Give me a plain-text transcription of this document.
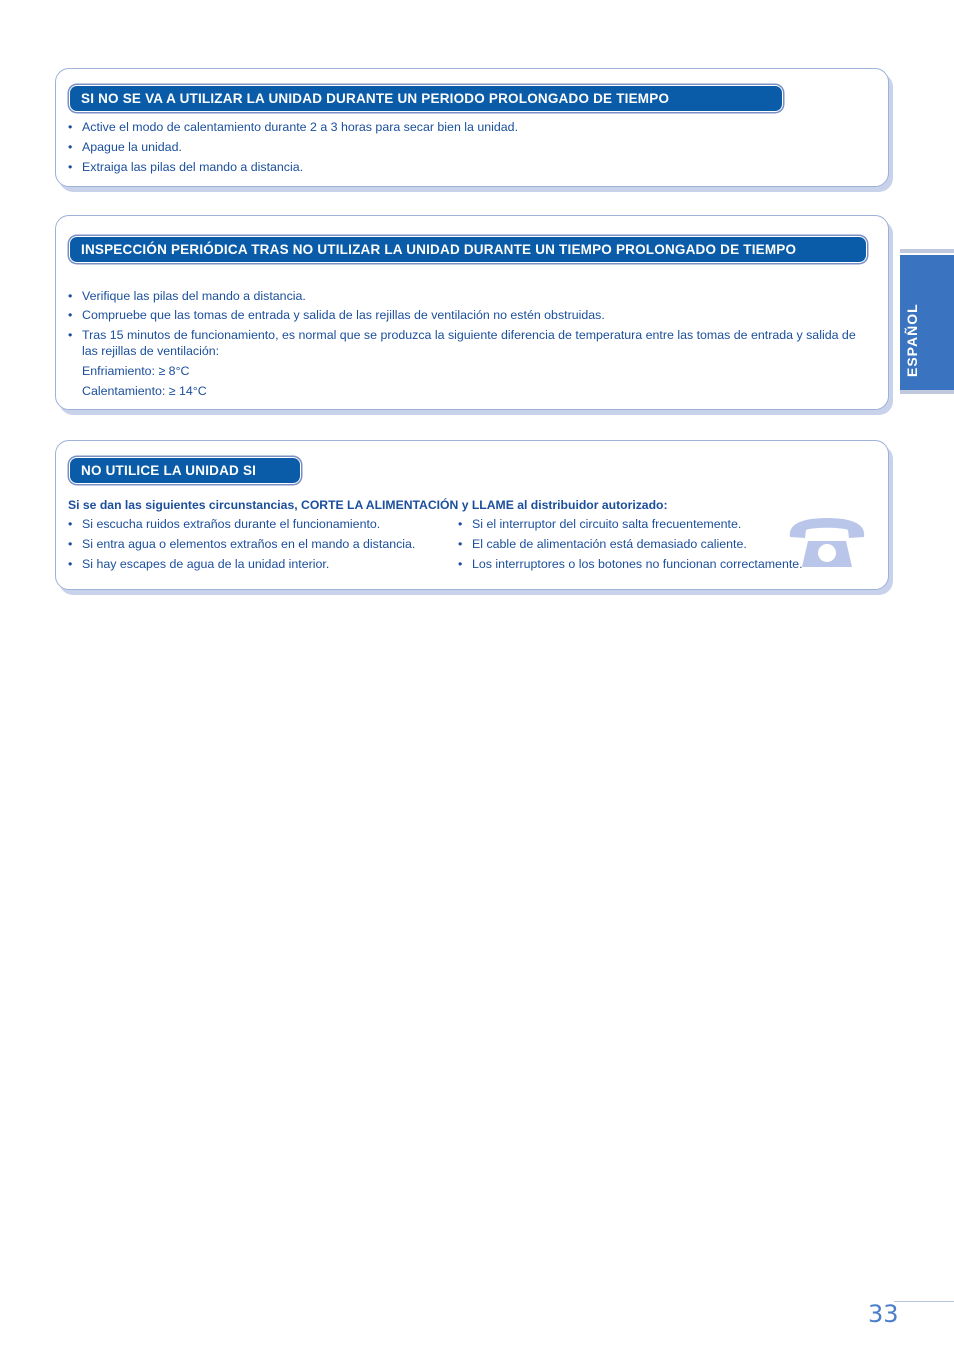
SI NO SE VA A UTILIZAR LA UNIDAD DURANTE UN PERIODO PROLONGADO DE TIEMPO
• Active el modo de calentamiento durante 2 a 3 horas para secar bien la unidad.
• Apague la unidad.
• Extraiga las pilas del mando a distancia.
INSPECCIÓN PERIÓDICA TRAS NO UTILIZAR LA UNIDAD DURANTE UN TIEMPO PROLONGADO DE TIEMPO
• Verifique las pilas del mando a distancia.
• Compruebe que las tomas de entrada y salida de las rejillas de ventilación no estén obstruidas.
• Tras 15 minutos de funcionamiento, es normal que se produzca la siguiente diferencia de temperatura entre las tomas de entrada y salida de las rejillas de ventilación:
Enfriamiento: ≥ 8°C
Calentamiento: ≥ 14°C
NO UTILICE LA UNIDAD SI
Si se dan las siguientes circunstancias, CORTE LA ALIMENTACIÓN y LLAME al distribuidor autorizado:
• Si escucha ruidos extraños durante el funcionamiento.
• Si entra agua o elementos extraños en el mando a distancia.
• Si hay escapes de agua de la unidad interior.
• Si el interruptor del circuito salta frecuentemente.
• El cable de alimentación está demasiado caliente.
• Los interruptores o los botones no funcionan correctamente.
ESPAÑOL
33
